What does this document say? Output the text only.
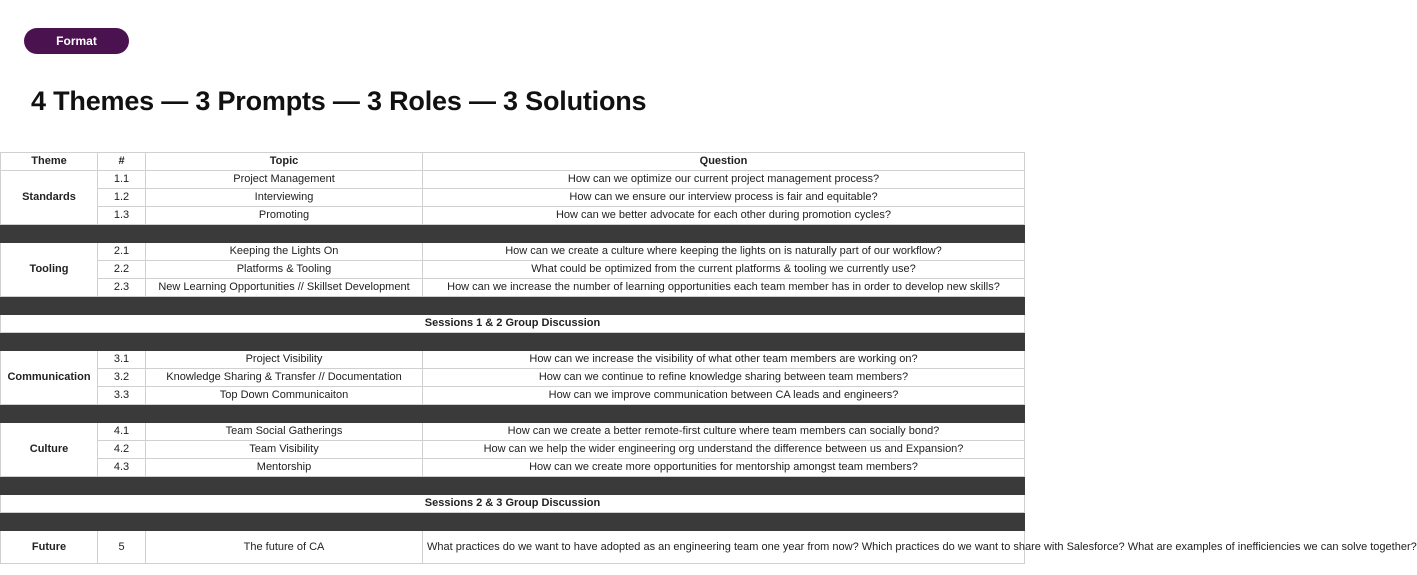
Format
4 Themes — 3 Prompts — 3 Roles — 3 Solutions
Theme	#	Topic	Question
Standards	1.1	Project Management	How can we optimize our current project management process?
	1.2	Interviewing	How can we ensure our interview process is fair and equitable?
	1.3	Promoting	How can we better advocate for each other during promotion cycles?

Tooling	2.1	Keeping the Lights On	How can we create a culture where keeping the lights on is naturally part of our workflow?
	2.2	Platforms & Tooling	What could be optimized from the current platforms & tooling we currently use?
	2.3	New Learning Opportunities // Skillset Development	How can we increase the number of learning opportunities each team member has in order to develop new skills?

Sessions 1 & 2 Group Discussion			

Communication	3.1	Project Visibility	How can we increase the visibility of what other team members are working on?
	3.2	Knowledge Sharing & Transfer // Documentation	How can we continue to refine knowledge sharing between team members?
	3.3	Top Down Communicaiton	How can we improve communication between CA leads and engineers?

Culture	4.1	Team Social Gatherings	How can we create a better remote-first culture where team members can socially bond?
	4.2	Team Visibility	How can we help the wider engineering org understand the difference between us and Expansion?
	4.3	Mentorship	How can we create more opportunities for mentorship amongst team members?

Sessions 2 & 3 Group Discussion			

Future	5	The future of CA	What practices do we want to have adopted as an engineering team one year from now? Which practices do we want to share with Salesforce? What are examples of inefficiencies we can solve together?
